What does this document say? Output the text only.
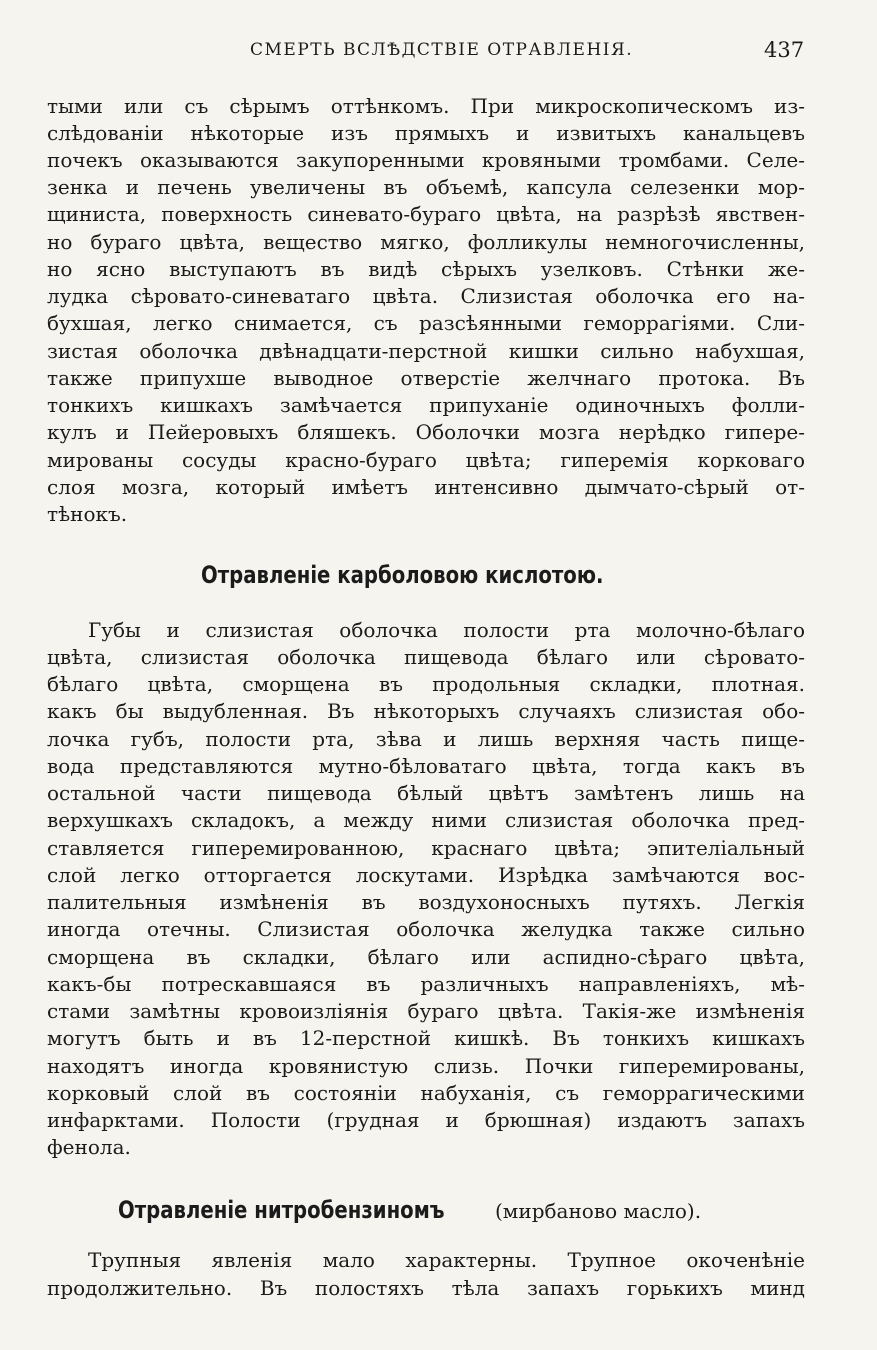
СМЕРТЬ ВСЛѢДСТВІЕ ОТРАВЛЕНІЯ.	437
тыми или съ сѣрымъ оттѣнкомъ. При микроскопическомъ из-
слѣдованіи нѣкоторые изъ прямыхъ и извитыхъ канальцевъ
почекъ оказываются закупоренными кровяными тромбами. Селе-
зенка и печень увеличены въ объемѣ, капсула селезенки мор-
щиниста, поверхность синевато-бураго цвѣта, на разрѣзѣ явствен-
но бураго цвѣта, вещество мягко, фолликулы немногочисленны,
но ясно выступаютъ въ видѣ сѣрыхъ узелковъ. Стѣнки же-
лудка сѣровато-синеватаго цвѣта. Слизистая оболочка его на-
бухшая, легко снимается, съ разсѣянными геморрагіями. Сли-
зистая оболочка двѣнадцати-перстной кишки сильно набухшая,
также припухше выводное отверстіе желчнаго протока. Въ
тонкихъ кишкахъ замѣчается припуханіе одиночныхъ фолли-
кулъ и Пейеровыхъ бляшекъ. Оболочки мозга нерѣдко гипере-
мированы сосуды красно-бураго цвѣта; гиперемія корковаго
слоя мозга, который имѣетъ интенсивно дымчато-сѣрый от-
тѣнокъ.
Отравленіе карболовою кислотою.
Губы и слизистая оболочка полости рта молочно-бѣлаго
цвѣта, слизистая оболочка пищевода бѣлаго или сѣровато-
бѣлаго цвѣта, сморщена въ продольныя складки, плотная.
какъ бы выдубленная. Въ нѣкоторыхъ случаяхъ слизистая обо-
лочка губъ, полости рта, зѣва и лишь верхняя часть пище-
вода представляются мутно-бѣловатаго цвѣта, тогда какъ въ
остальной части пищевода бѣлый цвѣтъ замѣтенъ лишь на
верхушкахъ складокъ, а между ними слизистая оболочка пред-
ставляется гиперемированною, краснаго цвѣта; эпителіальный
слой легко отторгается лоскутами. Изрѣдка замѣчаются вос-
палительныя измѣненія въ воздухоносныхъ путяхъ. Легкія
иногда отечны. Слизистая оболочка желудка также сильно
сморщена въ складки, бѣлаго или аспидно-сѣраго цвѣта,
какъ-бы потрескавшаяся въ различныхъ направленіяхъ, мѣ-
стами замѣтны кровоизліянія бураго цвѣта. Такія-же измѣненія
могутъ быть и въ 12-перстной кишкѣ. Въ тонкихъ кишкахъ
находятъ иногда кровянистую слизь. Почки гиперемированы,
корковый слой въ состояніи набуханія, съ геморрагическими
инфарктами. Полости (грудная и брюшная) издаютъ запахъ
фенола.
Отравленіе нитробензиномъ	(мирбаново масло).
Трупныя явленія мало характерны. Трупное окоченѣніе
продолжительно. Въ полостяхъ тѣла запахъ горькихъ минд
